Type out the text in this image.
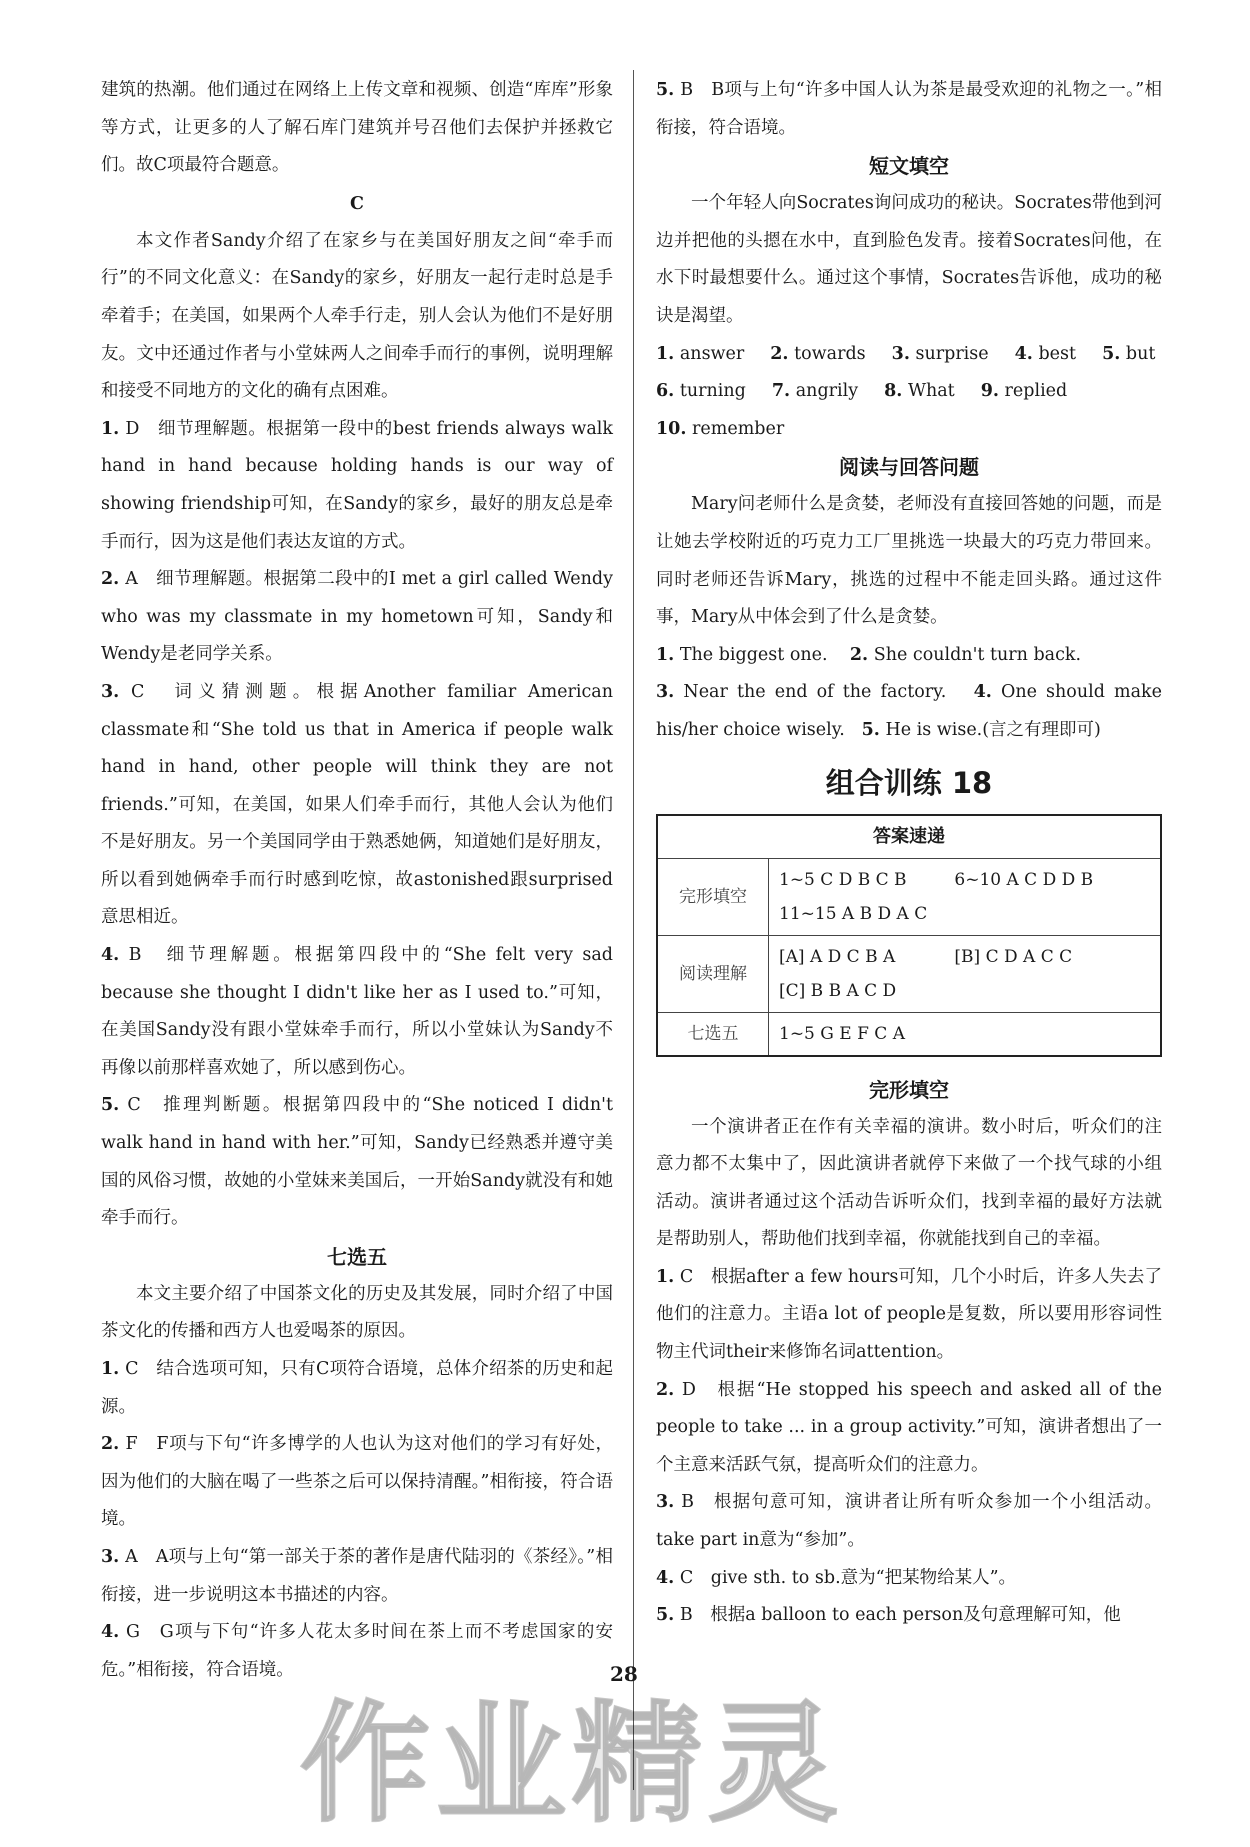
建筑的热潮。他们通过在网络上上传文章和视频、创造“库库”形象等方式，让更多的人了解石库门建筑并号召他们去保护并拯救它们。故C项最符合题意。

C

本文作者Sandy介绍了在家乡与在美国好朋友之间“牵手而行”的不同文化意义：在Sandy的家乡，好朋友一起行走时总是手牵着手；在美国，如果两个人牵手行走，别人会认为他们不是好朋友。文中还通过作者与小堂妹两人之间牵手而行的事例，说明理解和接受不同地方的文化的确有点困难。

1. D　细节理解题。根据第一段中的best friends always walk hand in hand because holding hands is our way of showing friendship可知，在Sandy的家乡，最好的朋友总是牵手而行，因为这是他们表达友谊的方式。

2. A　细节理解题。根据第二段中的I met a girl called Wendy who was my classmate in my hometown可知，Sandy和Wendy是老同学关系。

3. C　词义猜测题。根据Another familiar American classmate和“She told us that in America if people walk hand in hand, other people will think they are not friends.”可知，在美国，如果人们牵手而行，其他人会认为他们不是好朋友。另一个美国同学由于熟悉她俩，知道她们是好朋友，所以看到她俩牵手而行时感到吃惊，故astonished跟surprised意思相近。

4. B　细节理解题。根据第四段中的“She felt very sad because she thought I didn't like her as I used to.”可知，在美国Sandy没有跟小堂妹牵手而行，所以小堂妹认为Sandy不再像以前那样喜欢她了，所以感到伤心。

5. C　推理判断题。根据第四段中的“She noticed I didn't walk hand in hand with her.”可知，Sandy已经熟悉并遵守美国的风俗习惯，故她的小堂妹来美国后，一开始Sandy就没有和她牵手而行。

七选五

本文主要介绍了中国茶文化的历史及其发展，同时介绍了中国茶文化的传播和西方人也爱喝茶的原因。

1. C　结合选项可知，只有C项符合语境，总体介绍茶的历史和起源。

2. F　F项与下句“许多博学的人也认为这对他们的学习有好处，因为他们的大脑在喝了一些茶之后可以保持清醒。”相衔接，符合语境。

3. A　A项与上句“第一部关于茶的著作是唐代陆羽的《茶经》。”相衔接，进一步说明这本书描述的内容。

4. G　G项与下句“许多人花太多时间在茶上而不考虑国家的安危。”相衔接，符合语境。

5. B　B项与上句“许多中国人认为茶是最受欢迎的礼物之一。”相衔接，符合语境。

短文填空

一个年轻人向Socrates询问成功的秘诀。Socrates带他到河边并把他的头摁在水中，直到脸色发青。接着Socrates问他，在水下时最想要什么。通过这个事情，Socrates告诉他，成功的秘诀是渴望。

1. answer 2. towards 3. surprise 4. best 5. but
6. turning 7. angrily 8. What 9. replied
10. remember
阅读与回答问题

Mary问老师什么是贪婪，老师没有直接回答她的问题，而是让她去学校附近的巧克力工厂里挑选一块最大的巧克力带回来。同时老师还告诉Mary，挑选的过程中不能走回头路。通过这件事，Mary从中体会到了什么是贪婪。

1. The biggest one. 2. She couldn't turn back.
3. Near the end of the factory. 4. One should make his/her choice wisely. 5. He is wise.(言之有理即可)

组合训练 18
答案速递	
完形填空	1~5 C D B C B 6~10 A C D D B
11~15 A B D A C
阅读理解	[A] A D C B A [B] C D A C C
[C] B B A C D
七选五	1~5 G E F C A
完形填空

一个演讲者正在作有关幸福的演讲。数小时后，听众们的注意力都不太集中了，因此演讲者就停下来做了一个找气球的小组活动。演讲者通过这个活动告诉听众们，找到幸福的最好方法就是帮助别人，帮助他们找到幸福，你就能找到自己的幸福。

1. C　根据after a few hours可知，几个小时后，许多人失去了他们的注意力。主语a lot of people是复数，所以要用形容词性物主代词their来修饰名词attention。

2. D　根据“He stopped his speech and asked all of the people to take ... in a group activity.”可知，演讲者想出了一个主意来活跃气氛，提高听众们的注意力。

3. B　根据句意可知，演讲者让所有听众参加一个小组活动。take part in意为“参加”。

4. C　give sth. to sb.意为“把某物给某人”。

5. B　根据a balloon to each person及句意理解可知，他

28
作业精灵
